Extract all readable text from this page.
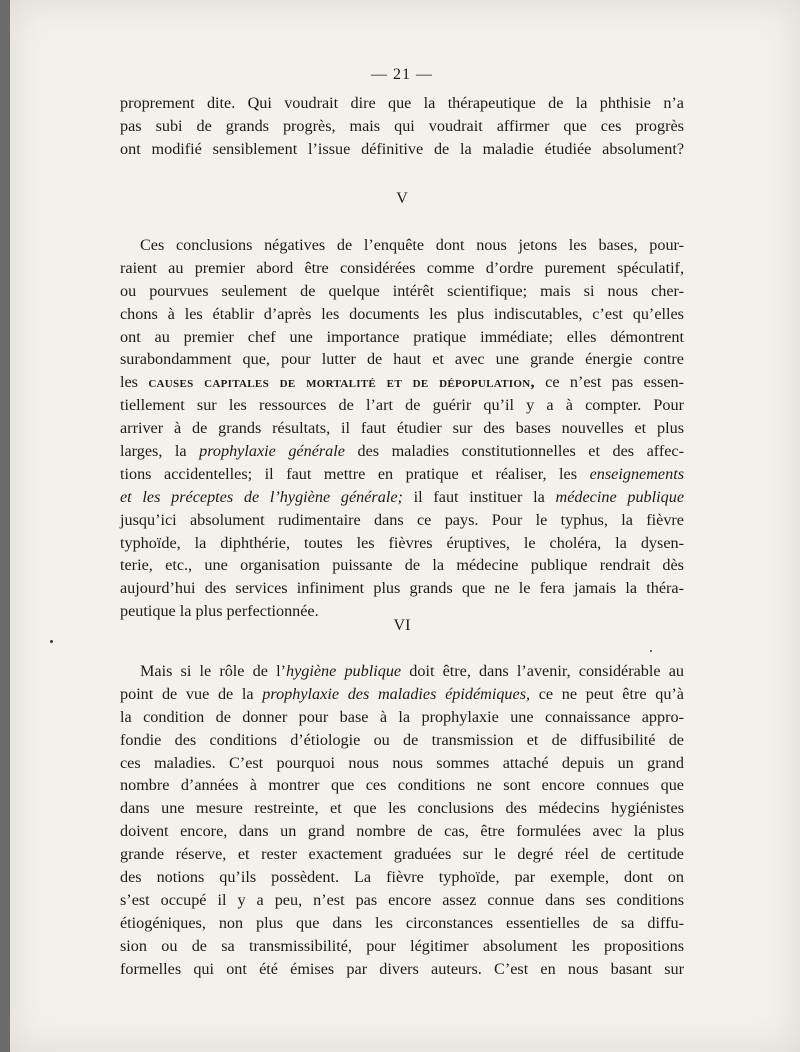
— 21 —
proprement dite. Qui voudrait dire que la thérapeutique de la phthisie n’a
pas subi de grands progrès, mais qui voudrait affirmer que ces progrès
ont modifié sensiblement l’issue définitive de la maladie étudiée absolument?
V
Ces conclusions négatives de l’enquête dont nous jetons les bases, pour-
raient au premier abord être considérées comme d’ordre purement spéculatif,
ou pourvues seulement de quelque intérêt scientifique; mais si nous cher-
chons à les établir d’après les documents les plus indiscutables, c’est qu’elles
ont au premier chef une importance pratique immédiate; elles démontrent
surabondamment que, pour lutter de haut et avec une grande énergie contre
les causes capitales de mortalité et de dépopulation, ce n’est pas essen-
tiellement sur les ressources de l’art de guérir qu’il y a à compter. Pour
arriver à de grands résultats, il faut étudier sur des bases nouvelles et plus
larges, la prophylaxie générale des maladies constitutionnelles et des affec-
tions accidentelles; il faut mettre en pratique et réaliser, les enseignements
et les préceptes de l’hygiène générale; il faut instituer la médecine publique
jusqu’ici absolument rudimentaire dans ce pays. Pour le typhus, la fièvre
typhoïde, la diphthérie, toutes les fièvres éruptives, le choléra, la dysen-
terie, etc., une organisation puissante de la médecine publique rendrait dès
aujourd’hui des services infiniment plus grands que ne le fera jamais la théra-
peutique la plus perfectionnée.
VI
Mais si le rôle de l’hygiène publique doit être, dans l’avenir, considérable au
point de vue de la prophylaxie des maladies épidémiques, ce ne peut être qu’à
la condition de donner pour base à la prophylaxie une connaissance appro-
fondie des conditions d’étiologie ou de transmission et de diffusibilité de
ces maladies. C’est pourquoi nous nous sommes attaché depuis un grand
nombre d’années à montrer que ces conditions ne sont encore connues que
dans une mesure restreinte, et que les conclusions des médecins hygiénistes
doivent encore, dans un grand nombre de cas, être formulées avec la plus
grande réserve, et rester exactement graduées sur le degré réel de certitude
des notions qu’ils possèdent. La fièvre typhoïde, par exemple, dont on
s’est occupé il y a peu, n’est pas encore assez connue dans ses conditions
étiogéniques, non plus que dans les circonstances essentielles de sa diffu-
sion ou de sa transmissibilité, pour légitimer absolument les propositions
formelles qui ont été émises par divers auteurs. C’est en nous basant sur
